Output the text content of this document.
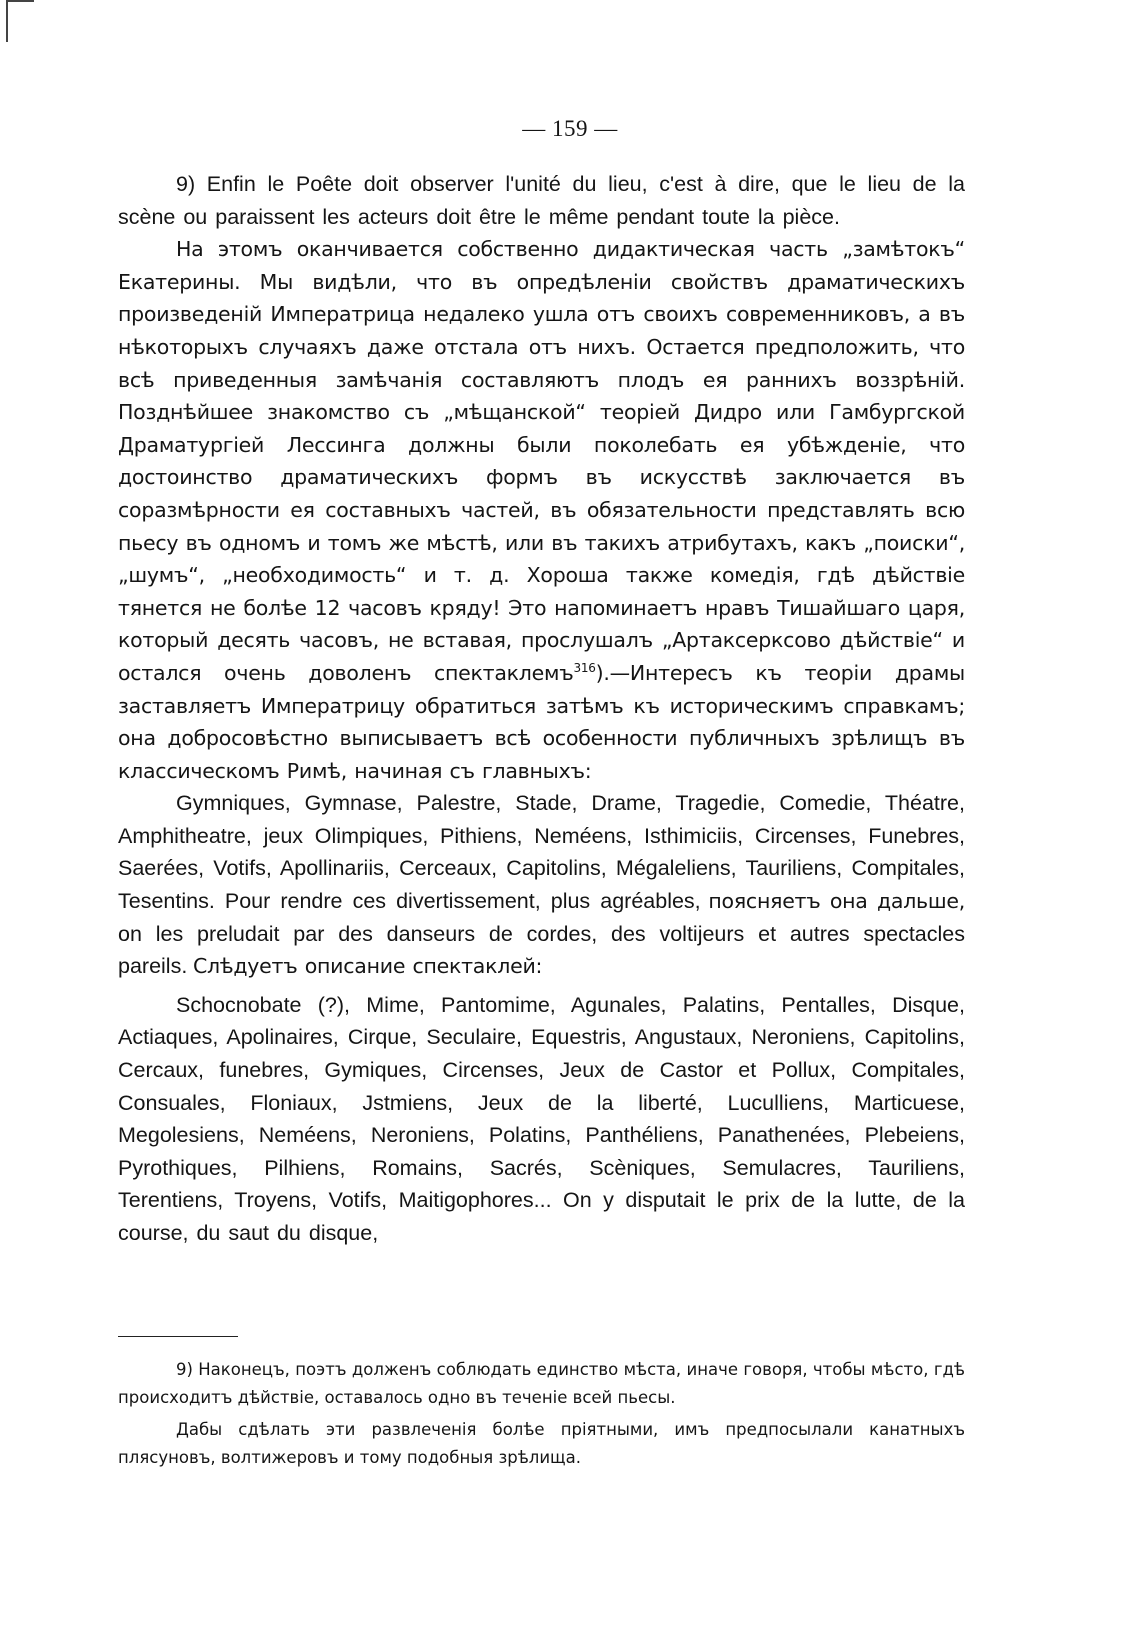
— 159 —

9) Enfin le Poête doit observer l'unité du lieu, c'est à dire, que le lieu de la scène ou paraissent les acteurs doit être le même pendant toute la pièce.

На этомъ оканчивается собственно дидактическая часть „замѣтокъ“ Екатерины. Мы видѣли, что въ опредѣленіи свойствъ драматическихъ произведеній Императрица недалеко ушла отъ своихъ современниковъ, а въ нѣкоторыхъ случаяхъ даже отстала отъ нихъ. Остается предположить, что всѣ приведенныя замѣчанія составляютъ плодъ ея раннихъ воззрѣній. Позднѣйшее знакомство съ „мѣщанской“ теоріей Дидро или Гамбургской Драматургіей Лессинга должны были поколебать ея убѣжденіе, что достоинство драматическихъ формъ въ искусствѣ заключается въ соразмѣрности ея составныхъ частей, въ обязательности представлять всю пьесу въ одномъ и томъ же мѣстѣ, или въ такихъ атрибутахъ, какъ „поиски“, „шумъ“, „необходимость“ и т. д. Хороша также комедія, гдѣ дѣйствіе тянется не болѣе 12 часовъ кряду! Это напоминаетъ нравъ Тишайшаго царя, который десять часовъ, не вставая, прослушалъ „Артаксерксово дѣйствіе“ и остался очень доволенъ спектаклемъ$^{316}$).—Интересъ къ теоріи драмы заставляетъ Императрицу обратиться затѣмъ къ историческимъ справкамъ; она добросовѣстно выписываетъ всѣ особенности публичныхъ зрѣлищъ въ классическомъ Римѣ, начиная съ главныхъ:

Gymniques, Gymnase, Palestre, Stade, Drame, Tragedie, Comedie, Théatre, Amphitheatre, jeux Olimpiques, Pithiens, Neméens, Isthimiciis, Circenses, Funebres, Saerées, Votifs, Apollinariis, Cerceaux, Capitolins, Mégaleliens, Tauriliens, Compitales, Tesentins. Pour rendre ces divertissement, plus agréables, поясняетъ она дальше, on les preludait par des danseurs de cordes, des voltijeurs et autres spectacles pareils. Слѣдуетъ описание спектаклей:

Schocnobate (?), Mime, Pantomime, Agunales, Palatins, Pentalles, Disque, Actiaques, Apolinaires, Cirque, Seculaire, Equestris, Angustaux, Neroniens, Capitolins, Cercaux, funebres, Gymiques, Circenses, Jeux de Castor et Pollux, Compitales, Consuales, Floniaux, Jstmiens, Jeux de la liberté, Luculliens, Marticuese, Megolesiens, Neméens, Neroniens, Polatins, Panthéliens, Panathenées, Plebeiens, Pyrothiques, Pilhiens, Romains, Sacrés, Scèniques, Semulacres, Tauriliens, Terentiens, Troyens, Votifs, Maitigophores... On y disputait le prix de la lutte, de la course, du saut du disque,

9) Наконецъ, поэтъ долженъ соблюдать единство мѣста, иначе говоря, чтобы мѣсто, гдѣ происходитъ дѣйствіе, оставалось одно въ теченіе всей пьесы.

Дабы сдѣлать эти развлеченія болѣе пріятными, имъ предпосылали канатныхъ плясуновъ, волтижеровъ и тому подобныя зрѣлища.
